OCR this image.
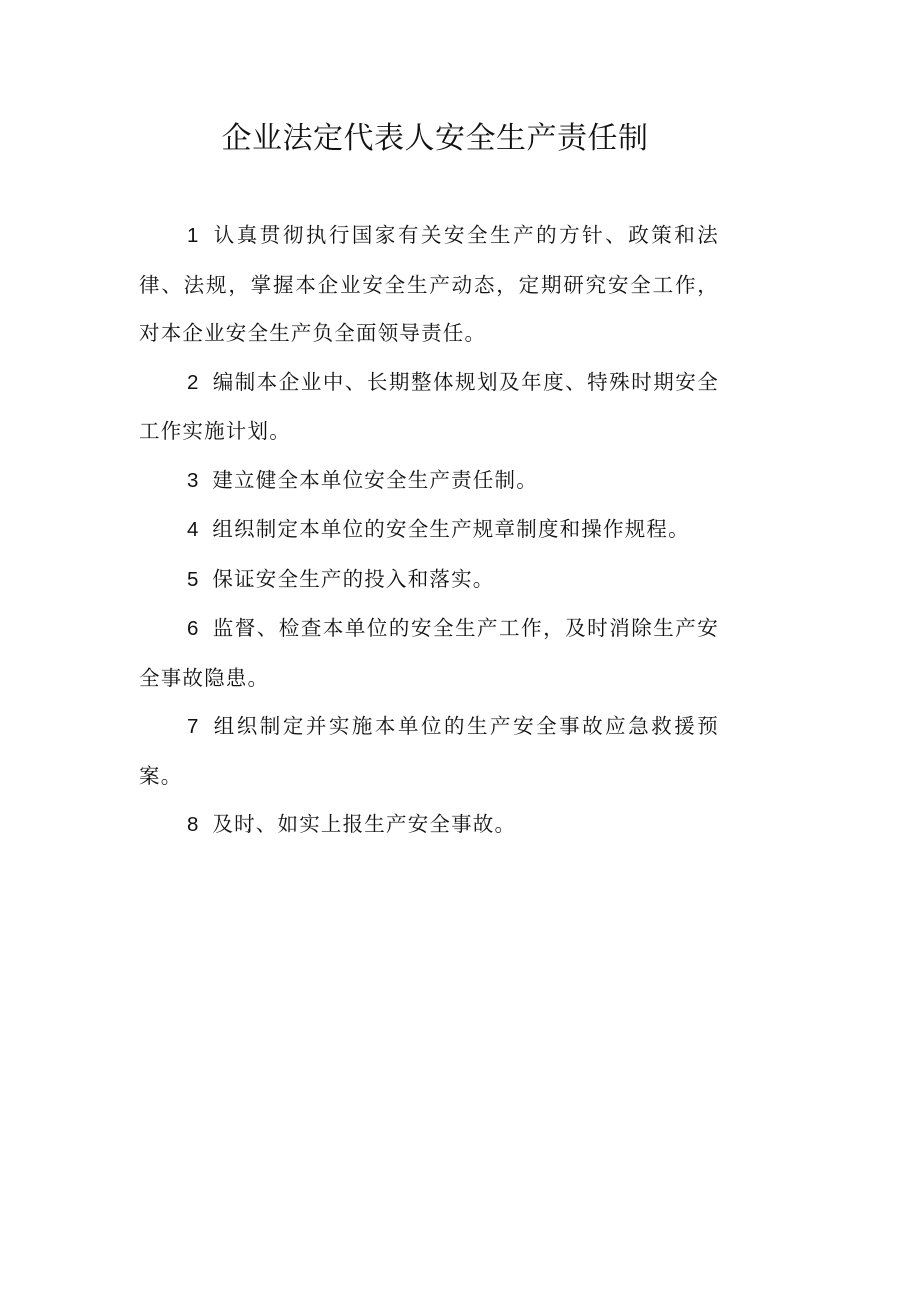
企业法定代表人安全生产责任制
1 . 认真贯彻执行国家有关安全生产的方针、政策和法律、法规，掌握本企业安全生产动态，定期研究安全工作，对本企业安全生产负全面领导责任。
2 . 编制本企业中、长期整体规划及年度、特殊时期安全工作实施计划。
3 . 建立健全本单位安全生产责任制。
4 . 组织制定本单位的安全生产规章制度和操作规程。
5 . 保证安全生产的投入和落实。
6 . 监督、检查本单位的安全生产工作，及时消除生产安全事故隐患。
7 . 组织制定并实施本单位的生产安全事故应急救援预案。
8 . 及时、如实上报生产安全事故。
